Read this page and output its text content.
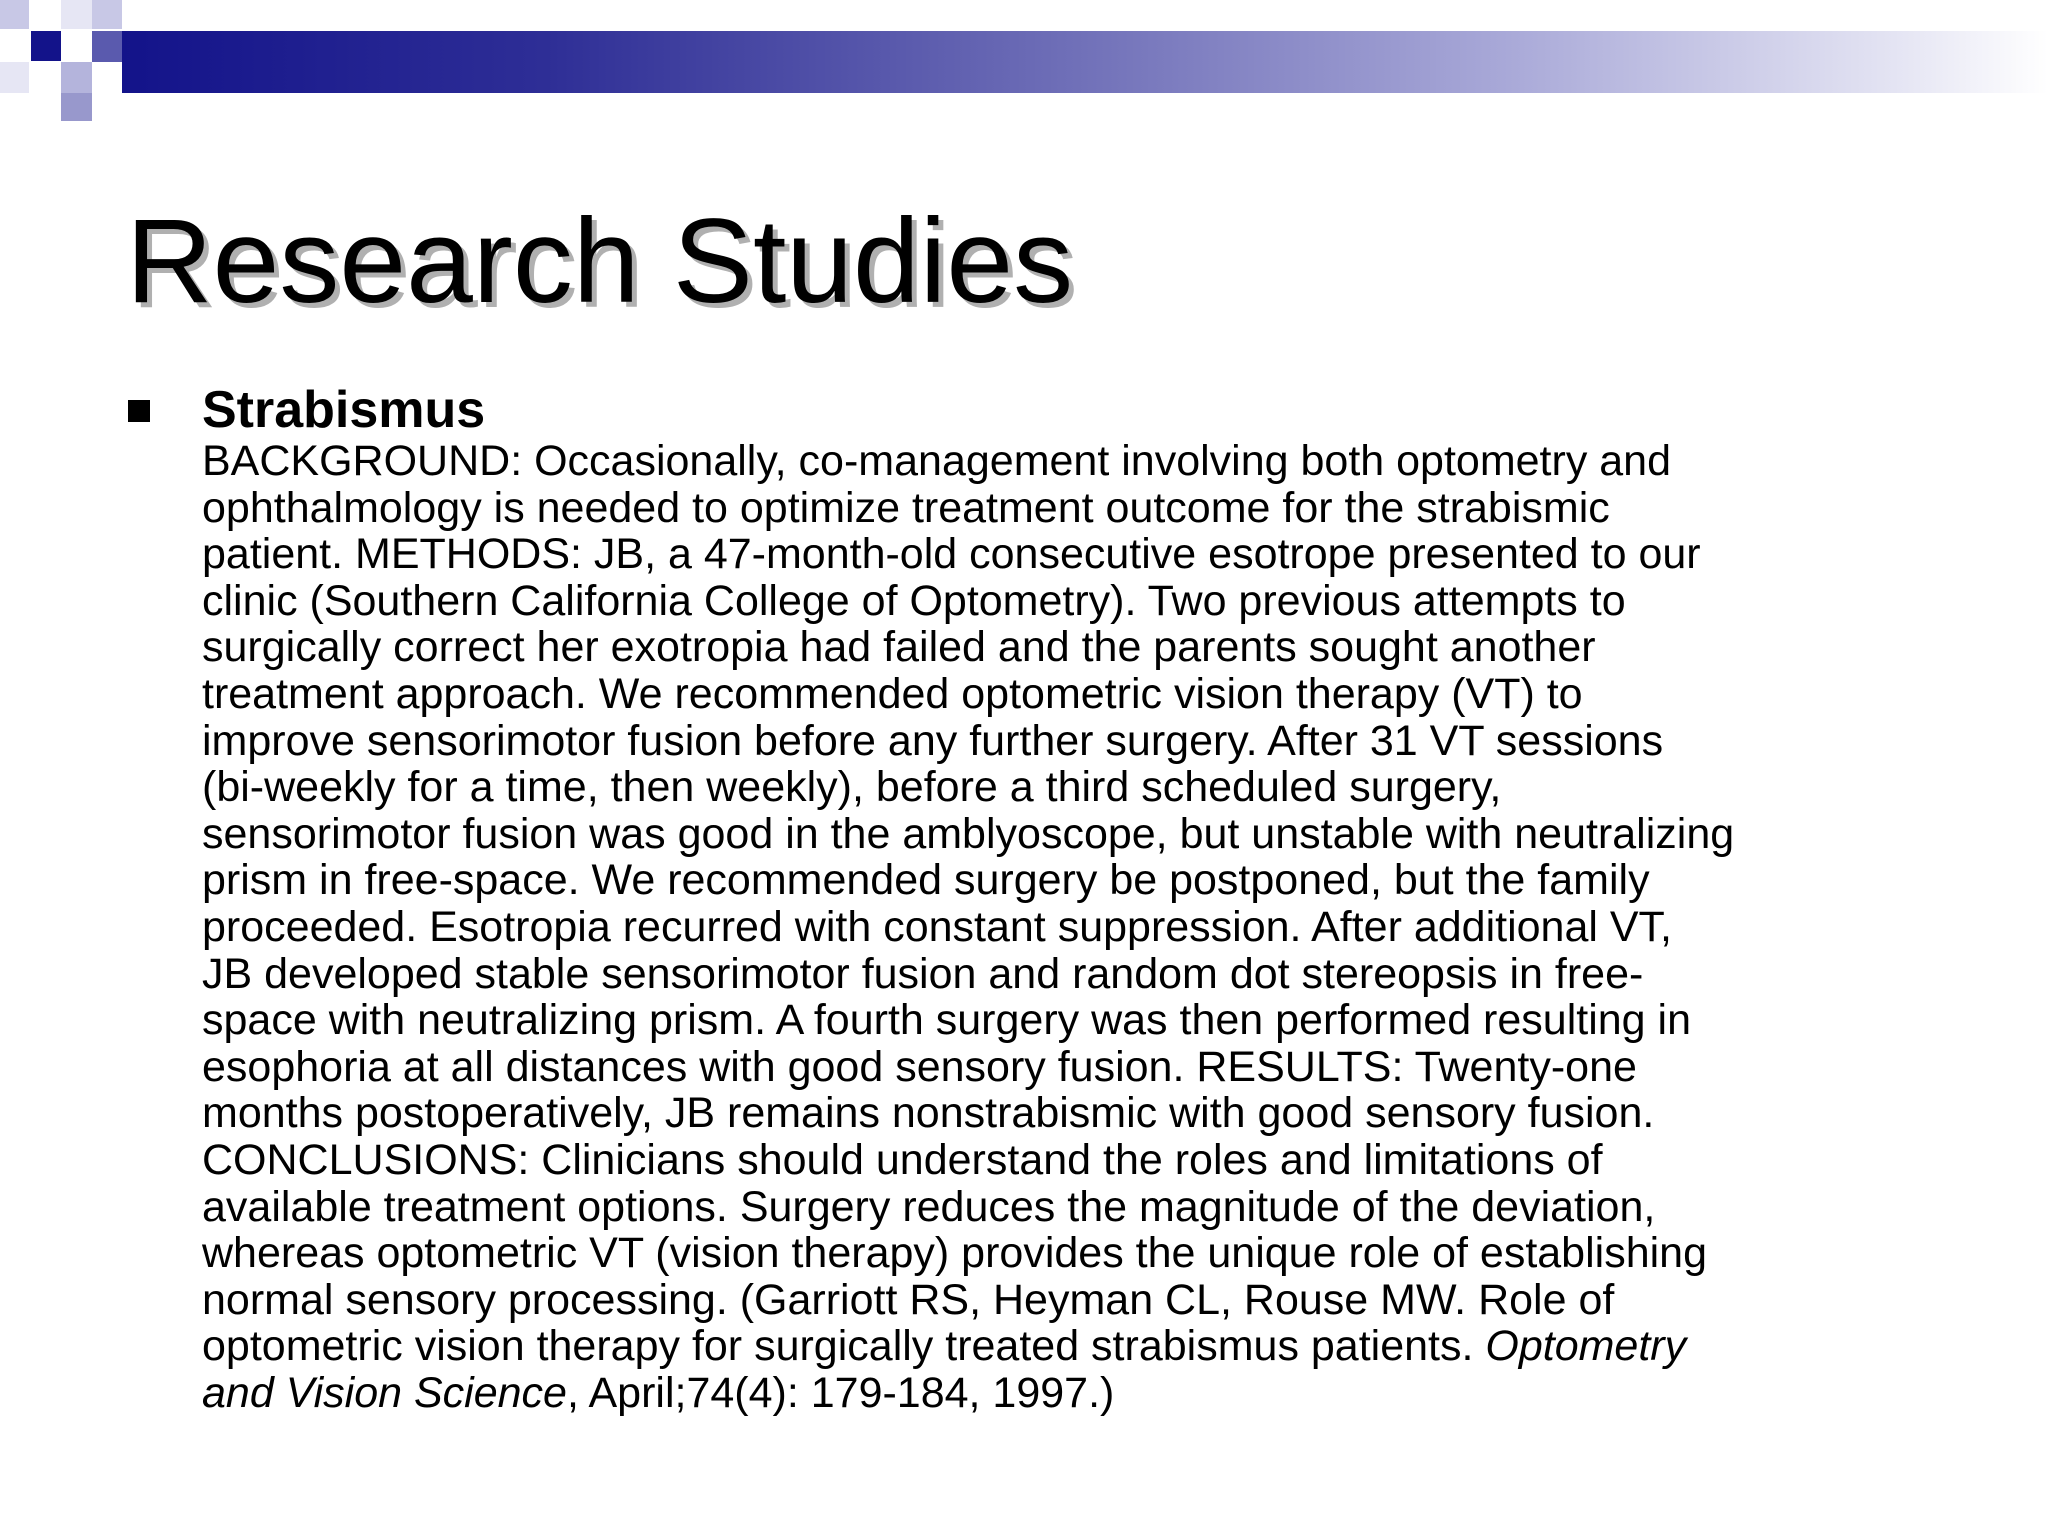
Research Studies
Strabismus
BACKGROUND: Occasionally, co-management involving both optometry and
ophthalmology is needed to optimize treatment outcome for the strabismic
patient. METHODS: JB, a 47-month-old consecutive esotrope presented to our
clinic (Southern California College of Optometry). Two previous attempts to
surgically correct her exotropia had failed and the parents sought another
treatment approach. We recommended optometric vision therapy (VT) to
improve sensorimotor fusion before any further surgery. After 31 VT sessions
(bi-weekly for a time, then weekly), before a third scheduled surgery,
sensorimotor fusion was good in the amblyoscope, but unstable with neutralizing
prism in free-space. We recommended surgery be postponed, but the family
proceeded. Esotropia recurred with constant suppression. After additional VT,
JB developed stable sensorimotor fusion and random dot stereopsis in free-
space with neutralizing prism. A fourth surgery was then performed resulting in
esophoria at all distances with good sensory fusion. RESULTS: Twenty-one
months postoperatively, JB remains nonstrabismic with good sensory fusion.
CONCLUSIONS: Clinicians should understand the roles and limitations of
available treatment options. Surgery reduces the magnitude of the deviation,
whereas optometric VT (vision therapy) provides the unique role of establishing
normal sensory processing. (Garriott RS, Heyman CL, Rouse MW. Role of
optometric vision therapy for surgically treated strabismus patients. Optometry
and Vision Science, April;74(4): 179-184, 1997.)
